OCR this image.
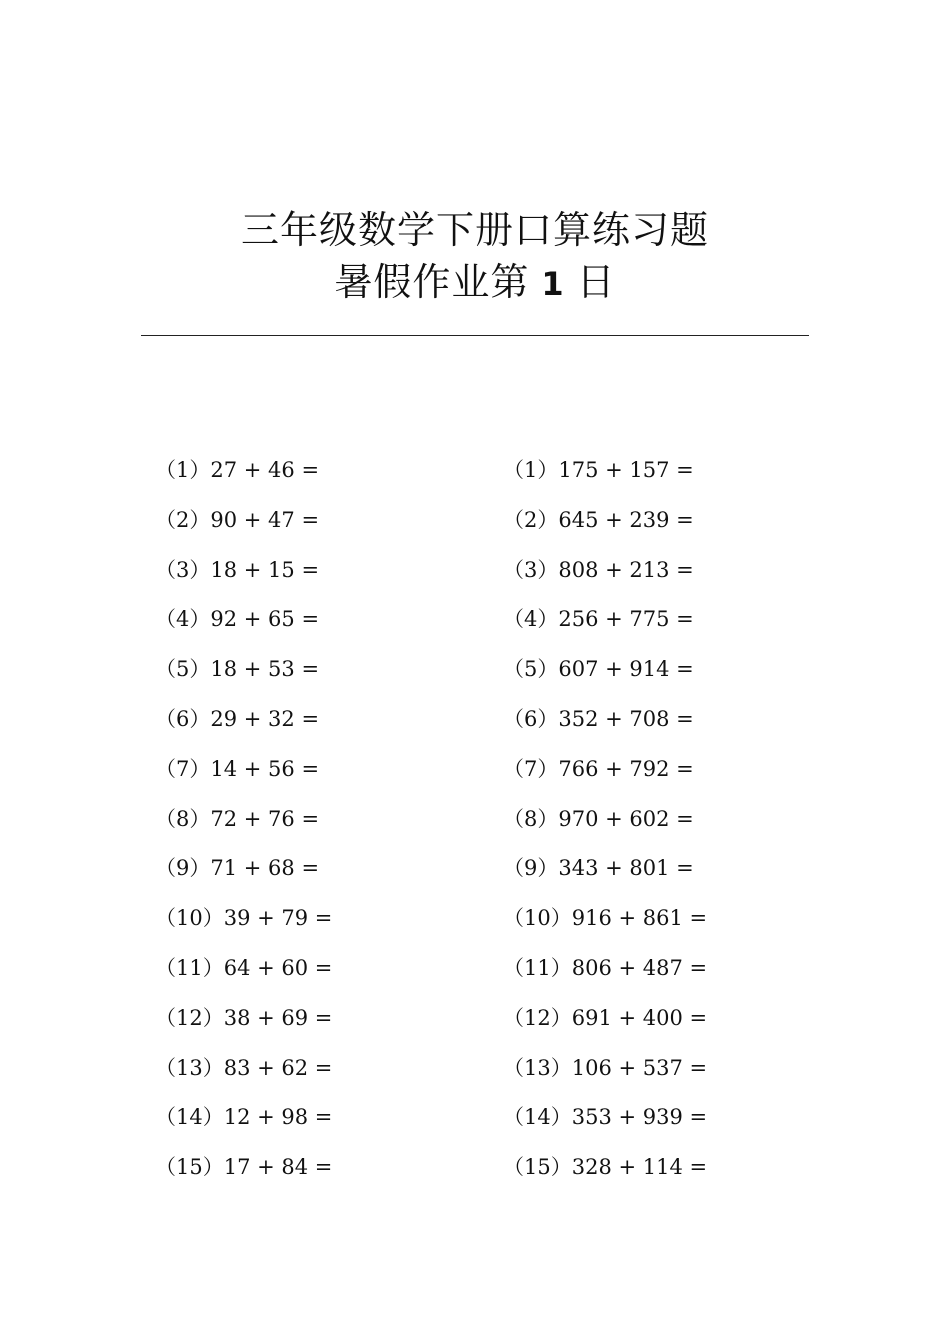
三年级数学下册口算练习题
暑假作业第 1 日
（1）27 + 46 =
（2）90 + 47 =
（3）18 + 15 =
（4）92 + 65 =
（5）18 + 53 =
（6）29 + 32 =
（7）14 + 56 =
（8）72 + 76 =
（9）71 + 68 =
（10）39 + 79 =
（11）64 + 60 =
（12）38 + 69 =
（13）83 + 62 =
（14）12 + 98 =
（15）17 + 84 =
（1）175 + 157 =
（2）645 + 239 =
（3）808 + 213 =
（4）256 + 775 =
（5）607 + 914 =
（6）352 + 708 =
（7）766 + 792 =
（8）970 + 602 =
（9）343 + 801 =
（10）916 + 861 =
（11）806 + 487 =
（12）691 + 400 =
（13）106 + 537 =
（14）353 + 939 =
（15）328 + 114 =
